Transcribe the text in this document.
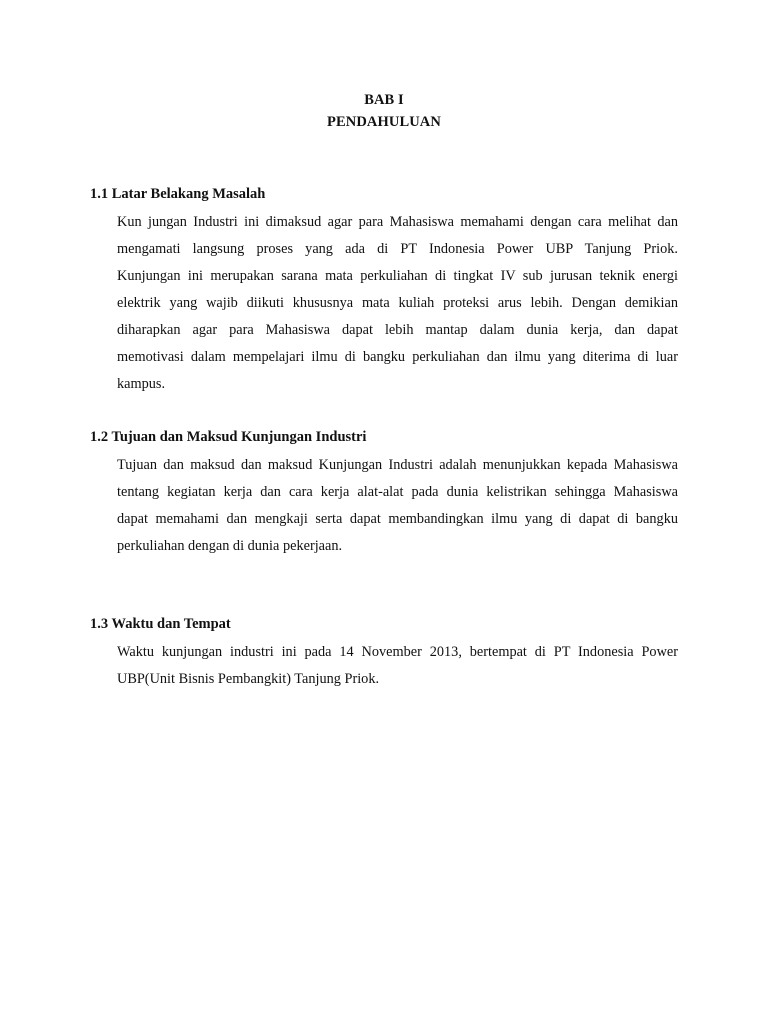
BAB I
PENDAHULUAN
1.1 Latar Belakang Masalah
Kun jungan Industri ini dimaksud agar para Mahasiswa memahami dengan cara melihat dan
mengamati langsung proses yang ada di PT Indonesia Power UBP Tanjung Priok.
Kunjungan ini merupakan sarana mata perkuliahan di tingkat IV sub jurusan teknik energi
elektrik yang wajib diikuti khususnya mata kuliah proteksi arus lebih. Dengan demikian
diharapkan agar para Mahasiswa dapat lebih mantap dalam dunia kerja, dan dapat
memotivasi dalam mempelajari ilmu di bangku perkuliahan dan ilmu yang diterima di luar
kampus.
1.2 Tujuan dan Maksud Kunjungan Industri
Tujuan dan maksud dan maksud Kunjungan Industri adalah menunjukkan kepada Mahasiswa
tentang kegiatan kerja dan cara kerja alat-alat pada dunia kelistrikan sehingga Mahasiswa
dapat memahami dan mengkaji serta dapat membandingkan ilmu yang di dapat di bangku
perkuliahan dengan di dunia pekerjaan.
1.3 Waktu dan Tempat
Waktu kunjungan industri ini pada 14 November 2013, bertempat di PT Indonesia Power
UBP(Unit Bisnis Pembangkit) Tanjung Priok.
